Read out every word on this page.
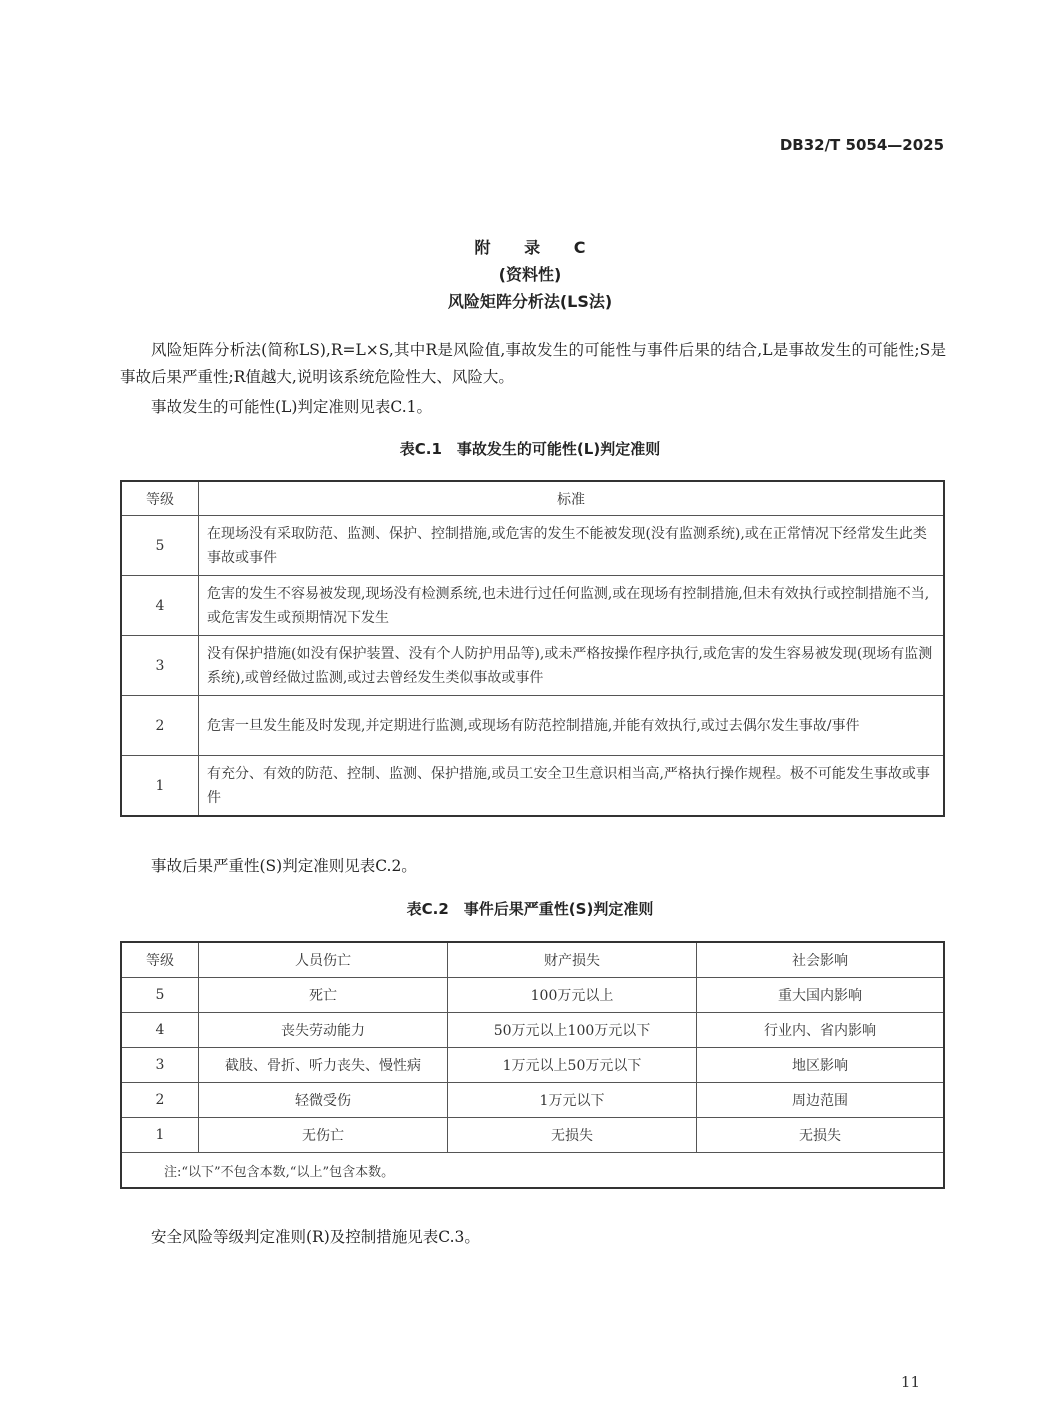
DB32/T 5054—2025
附 录 C
(资料性)
风险矩阵分析法(LS法)
风险矩阵分析法(简称LS),R=L×S,其中R是风险值,事故发生的可能性与事件后果的结合,L是事故发生的可能性;S是事故后果严重性;R值越大,说明该系统危险性大、风险大。
事故发生的可能性(L)判定准则见表C.1。
表C.1　事故发生的可能性(L)判定准则
等级	标准
5	在现场没有采取防范、监测、保护、控制措施,或危害的发生不能被发现(没有监测系统),或在正常情况下经常发生此类事故或事件
4	危害的发生不容易被发现,现场没有检测系统,也未进行过任何监测,或在现场有控制措施,但未有效执行或控制措施不当,或危害发生或预期情况下发生
3	没有保护措施(如没有保护装置、没有个人防护用品等),或未严格按操作程序执行,或危害的发生容易被发现(现场有监测系统),或曾经做过监测,或过去曾经发生类似事故或事件
2	危害一旦发生能及时发现,并定期进行监测,或现场有防范控制措施,并能有效执行,或过去偶尔发生事故/事件
1	有充分、有效的防范、控制、监测、保护措施,或员工安全卫生意识相当高,严格执行操作规程。极不可能发生事故或事件
事故后果严重性(S)判定准则见表C.2。
表C.2　事件后果严重性(S)判定准则
等级	人员伤亡	财产损失	社会影响
5	死亡	100万元以上	重大国内影响
4	丧失劳动能力	50万元以上100万元以下	行业内、省内影响
3	截肢、骨折、听力丧失、慢性病	1万元以上50万元以下	地区影响
2	轻微受伤	1万元以下	周边范围
1	无伤亡	无损失	无损失
注:“以下”不包含本数,“以上”包含本数。			
安全风险等级判定准则(R)及控制措施见表C.3。
11
